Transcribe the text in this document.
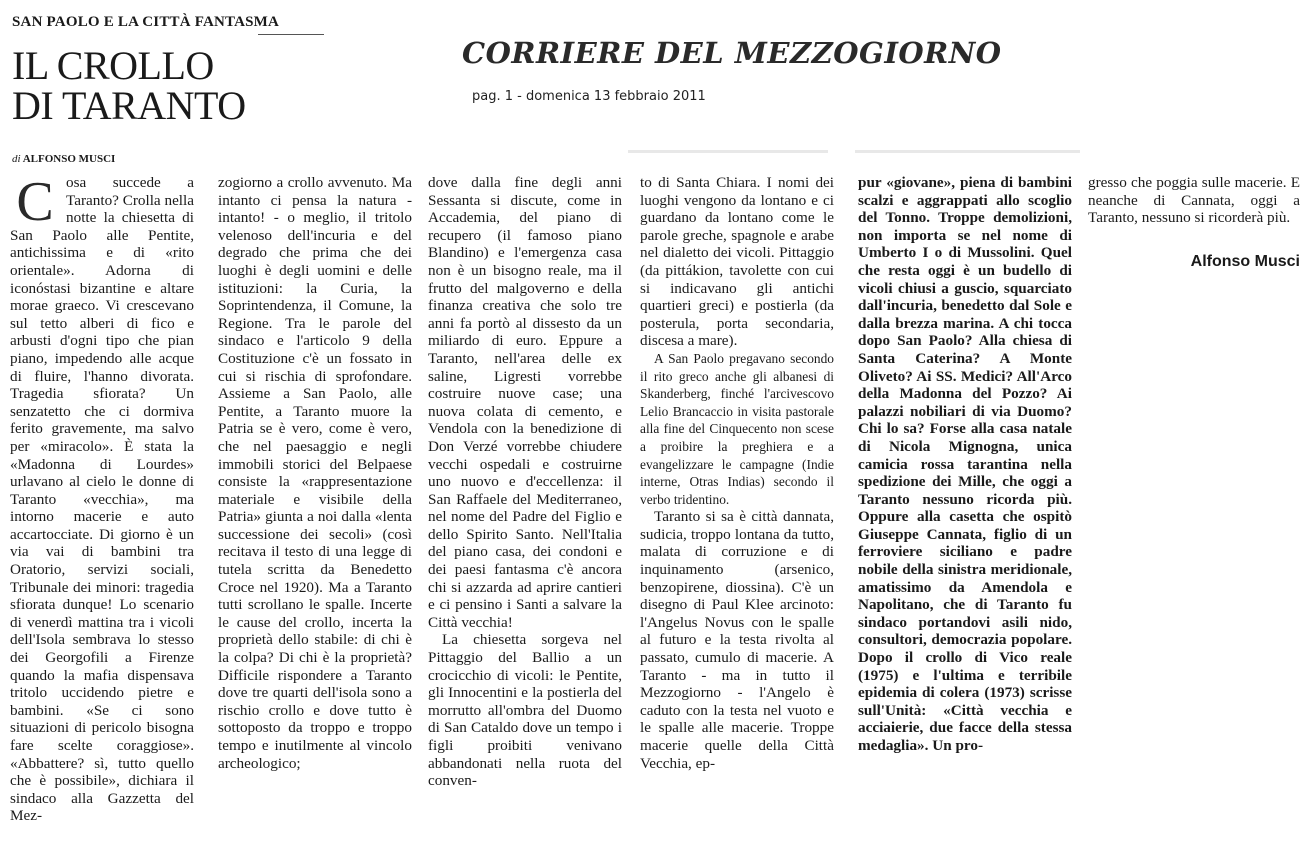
SAN PAOLO E LA CITTÀ FANTASMA
IL CROLLO
DI TARANTO
CORRIERE DEL MEZZOGIORNO
pag. 1 - domenica 13 febbraio 2011
di ALFONSO MUSCI
C osa succede a Taranto? Crolla nella notte la chiesetta di San Paolo alle Pentite, antichissima e di «rito orientale». Adorna di iconóstasi bizantine e altare morae graeco. Vi crescevano sul tetto alberi di fico e arbusti d'ogni tipo che pian piano, impedendo alle acque di fluire, l'hanno divorata. Tragedia sfiorata? Un senzatetto che ci dormiva ferito gravemente, ma salvo per «miracolo». È stata la «Madonna di Lourdes» urlavano al cielo le donne di Taranto «vecchia», ma intorno macerie e auto accartocciate. Di giorno è un via vai di bambini tra Oratorio, servizi sociali, Tribunale dei minori: tragedia sfiorata dunque! Lo scenario di venerdì mattina tra i vicoli dell'Isola sembrava lo stesso dei Georgofili a Firenze quando la mafia dispensava tritolo uccidendo pietre e bambini. «Se ci sono situazioni di pericolo bisogna fare scelte coraggiose». «Abbattere? sì, tutto quello che è possibile», dichiara il sindaco alla Gazzetta del Mez-

zogiorno a crollo avvenuto. Ma intanto ci pensa la natura - intanto! - o meglio, il tritolo velenoso dell'incuria e del degrado che prima che dei luoghi è degli uomini e delle istituzioni: la Curia, la Soprintendenza, il Comune, la Regione. Tra le parole del sindaco e l'articolo 9 della Costituzione c'è un fossato in cui si rischia di sprofondare. Assieme a San Paolo, alle Pentite, a Taranto muore la Patria se è vero, come è vero, che nel paesaggio e negli immobili storici del Belpaese consiste la «rappresentazione materiale e visibile della Patria» giunta a noi dalla «lenta successione dei secoli» (così recitava il testo di una legge di tutela scritta da Benedetto Croce nel 1920). Ma a Taranto tutti scrollano le spalle. Incerte le cause del crollo, incerta la proprietà dello stabile: di chi è la colpa? Di chi è la proprietà? Difficile rispondere a Taranto dove tre quarti dell'isola sono a rischio crollo e dove tutto è sottoposto da troppo e troppo tempo e inutilmente al vincolo archeologico;

dove dalla fine degli anni Sessanta si discute, come in Accademia, del piano di recupero (il famoso piano Blandino) e l'emergenza casa non è un bisogno reale, ma il frutto del malgoverno e della finanza creativa che solo tre anni fa portò al dissesto da un miliardo di euro. Eppure a Taranto, nell'area delle ex saline, Ligresti vorrebbe costruire nuove case; una nuova colata di cemento, e Vendola con la benedizione di Don Verzé vorrebbe chiudere vecchi ospedali e costruirne uno nuovo e d'eccellenza: il San Raffaele del Mediterraneo, nel nome del Padre del Figlio e dello Spirito Santo. Nell'Italia del piano casa, dei condoni e dei paesi fantasma c'è ancora chi si azzarda ad aprire cantieri e ci pensino i Santi a salvare la Città vecchia!

La chiesetta sorgeva nel Pittaggio del Ballio a un crocicchio di vicoli: le Pentite, gli Innocentini e la postierla del morrutto all'ombra del Duomo di San Cataldo dove un tempo i figli proibiti venivano abbandonati nella ruota del conven-

to di Santa Chiara. I nomi dei luoghi vengono da lontano e ci guardano da lontano come le parole greche, spagnole e arabe nel dialetto dei vicoli. Pittaggio (da pittákion, tavolette con cui si indicavano gli antichi quartieri greci) e postierla (da posterula, porta secondaria, discesa a mare).

A San Paolo pregavano secondo il rito greco anche gli albanesi di Skanderberg, finché l'arcivescovo Lelio Brancaccio in visita pastorale alla fine del Cinquecento non scese a proibire la preghiera e a evangelizzare le campagne (Indie interne, Otras Indias) secondo il verbo tridentino.

Taranto si sa è città dannata, sudicia, troppo lontana da tutto, malata di corruzione e di inquinamento (arsenico, benzopirene, diossina). C'è un disegno di Paul Klee arcinoto: l'Angelus Novus con le spalle al futuro e la testa rivolta al passato, cumulo di macerie. A Taranto - ma in tutto il Mezzogiorno - l'Angelo è caduto con la testa nel vuoto e le spalle alle macerie. Troppe macerie quelle della Città Vecchia, ep-

pur «giovane», piena di bambini scalzi e aggrappati allo scoglio del Tonno. Troppe demolizioni, non importa se nel nome di Umberto I o di Mussolini. Quel che resta oggi è un budello di vicoli chiusi a guscio, squarciato dall'incuria, benedetto dal Sole e dalla brezza marina. A chi tocca dopo San Paolo? Alla chiesa di Santa Caterina? A Monte Oliveto? Ai SS. Medici? All'Arco della Madonna del Pozzo? Ai palazzi nobiliari di via Duomo? Chi lo sa? Forse alla casa natale di Nicola Mignogna, unica camicia rossa tarantina nella spedizione dei Mille, che oggi a Taranto nessuno ricorda più. Oppure alla casetta che ospitò Giuseppe Cannata, figlio di un ferroviere siciliano e padre nobile della sinistra meridionale, amatissimo da Amendola e Napolitano, che di Taranto fu sindaco portandovi asili nido, consultori, democrazia popolare. Dopo il crollo di Vico reale (1975) e l'ultima e terribile epidemia di colera (1973) scrisse sull'Unità: «Città vecchia e acciaierie, due facce della stessa medaglia». Un pro-

gresso che poggia sulle macerie. E neanche di Cannata, oggi a Taranto, nessuno si ricorderà più.

Alfonso Musci
